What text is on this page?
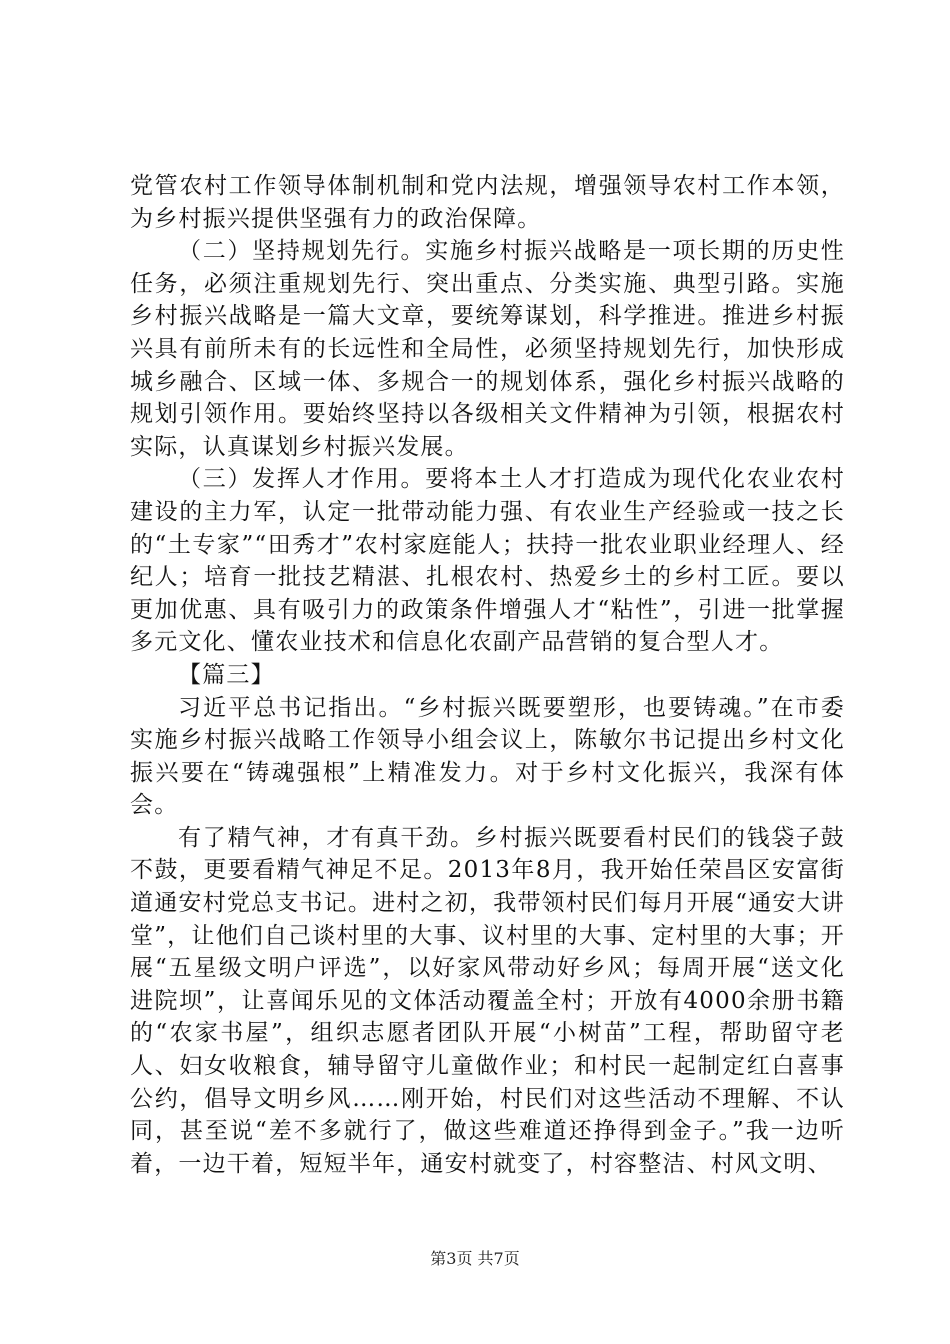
党管农村工作领导体制机制和党内法规，增强领导农村工作本领，为乡村振兴提供坚强有力的政治保障。

（二）坚持规划先行。实施乡村振兴战略是一项长期的历史性任务，必须注重规划先行、突出重点、分类实施、典型引路。实施乡村振兴战略是一篇大文章，要统筹谋划，科学推进。推进乡村振兴具有前所未有的长远性和全局性，必须坚持规划先行，加快形成城乡融合、区域一体、多规合一的规划体系，强化乡村振兴战略的规划引领作用。要始终坚持以各级相关文件精神为引领，根据农村实际，认真谋划乡村振兴发展。

（三）发挥人才作用。要将本土人才打造成为现代化农业农村建设的主力军，认定一批带动能力强、有农业生产经验或一技之长的“土专家”“田秀才”农村家庭能人；扶持一批农业职业经理人、经纪人；培育一批技艺精湛、扎根农村、热爱乡土的乡村工匠。要以更加优惠、具有吸引力的政策条件增强人才“粘性”，引进一批掌握多元文化、懂农业技术和信息化农副产品营销的复合型人才。

【篇三】

习近平总书记指出。“乡村振兴既要塑形，也要铸魂。”在市委实施乡村振兴战略工作领导小组会议上，陈敏尔书记提出乡村文化振兴要在“铸魂强根”上精准发力。对于乡村文化振兴，我深有体会。

有了精气神，才有真干劲。乡村振兴既要看村民们的钱袋子鼓不鼓，更要看精气神足不足。2013年8月，我开始任荣昌区安富街道通安村党总支书记。进村之初，我带领村民们每月开展“通安大讲堂”，让他们自己谈村里的大事、议村里的大事、定村里的大事；开展“五星级文明户评选”，以好家风带动好乡风；每周开展“送文化进院坝”，让喜闻乐见的文体活动覆盖全村；开放有4000余册书籍的“农家书屋”，组织志愿者团队开展“小树苗”工程，帮助留守老人、妇女收粮食，辅导留守儿童做作业；和村民一起制定红白喜事公约，倡导文明乡风……刚开始，村民们对这些活动不理解、不认同，甚至说“差不多就行了，做这些难道还挣得到金子。”我一边听着，一边干着，短短半年，通安村就变了，村容整洁、村风文明、

第3页 共7页
